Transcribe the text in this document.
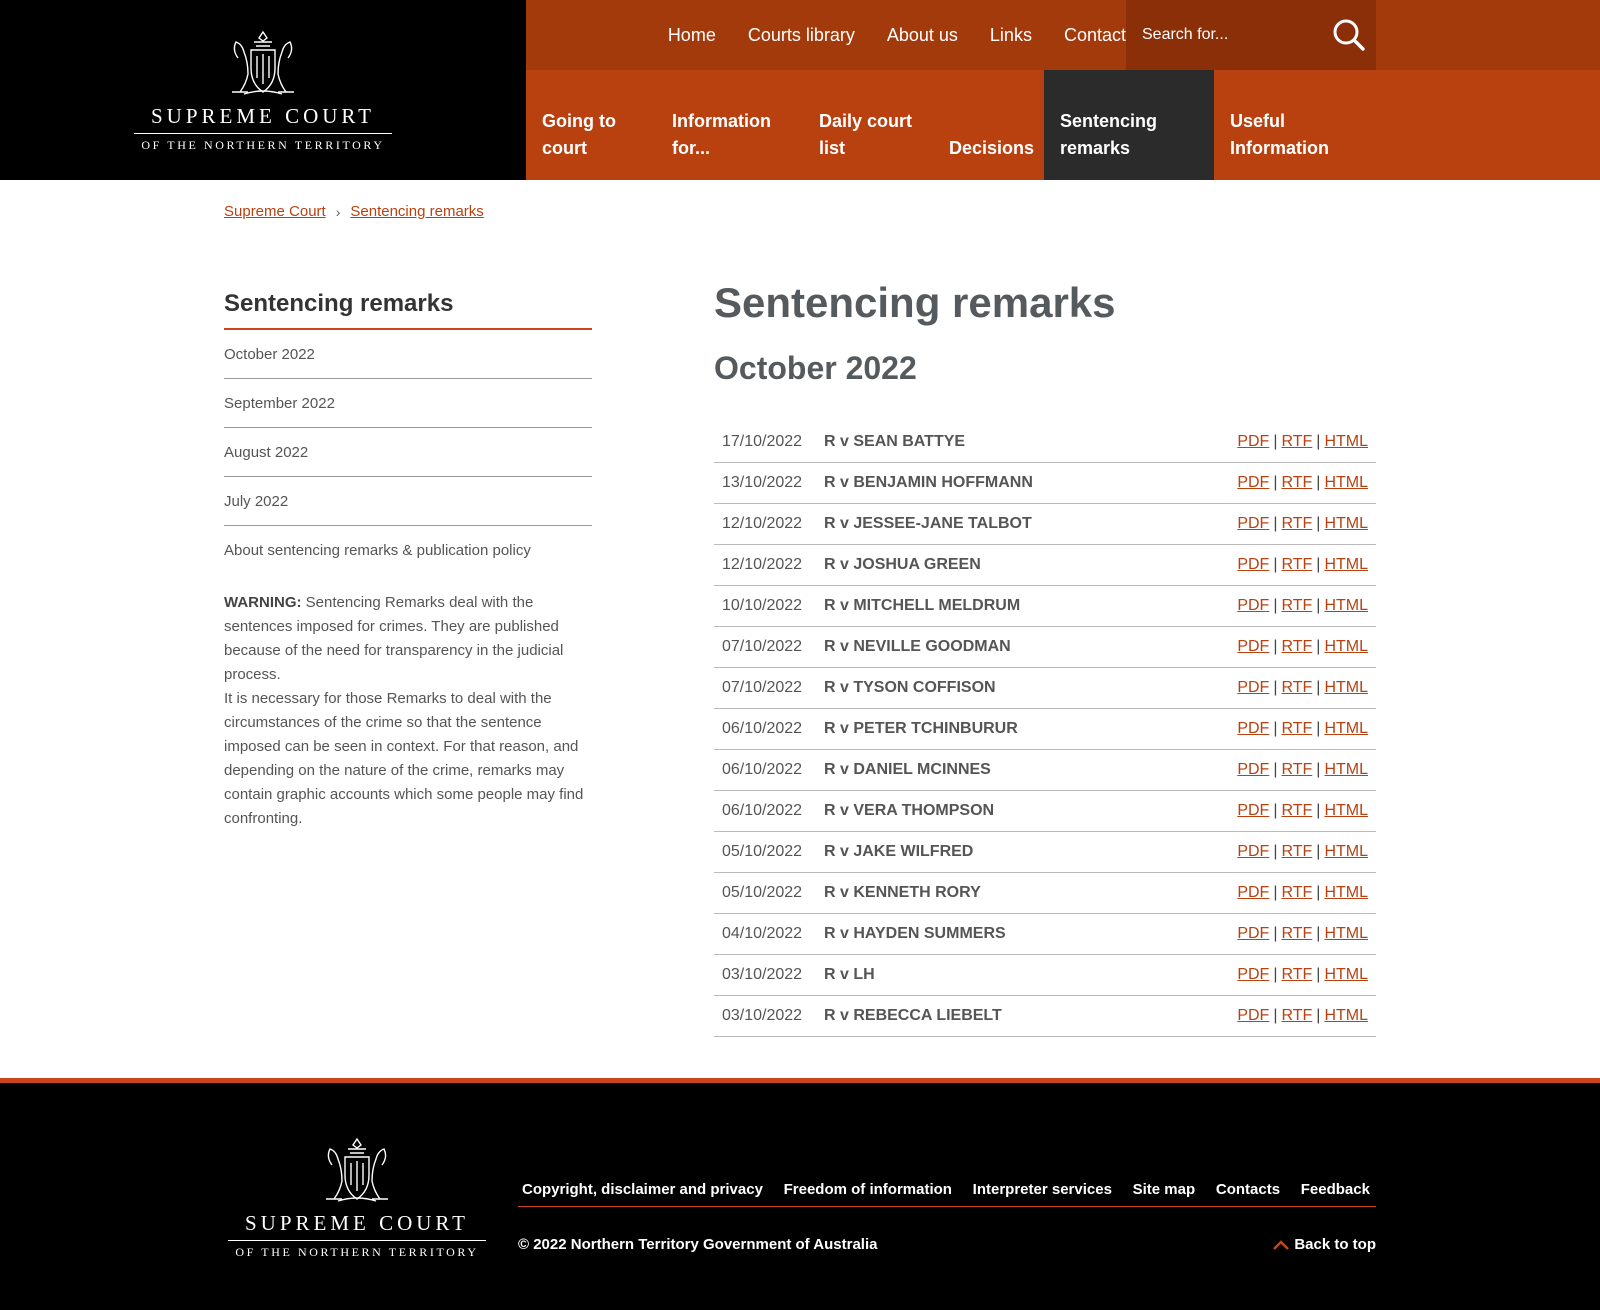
SUPREME COURT
OF THE NORTHERN TERRITORY
Home Courts library About us Links Contact
Search for...
Going to
court
Information
for...
Daily court
list	Decisions
Sentencing
remarks
Useful
Information
Supreme Court › Sentencing remarks
Sentencing remarks
October 2022
September 2022
August 2022
July 2022
About sentencing remarks & publication policy

WARNING: Sentencing Remarks deal with the sentences imposed for crimes. They are published because of the need for transparency in the judicial process.

It is necessary for those Remarks to deal with the circumstances of the crime so that the sentence imposed can be seen in context. For that reason, and depending on the nature of the crime, remarks may contain graphic accounts which some people may find confronting.

Sentencing remarks
October 2022
17/10/2022	R v SEAN BATTYE	PDF | RTF | HTML
13/10/2022	R v BENJAMIN HOFFMANN	PDF | RTF | HTML
12/10/2022	R v JESSEE-JANE TALBOT	PDF | RTF | HTML
12/10/2022	R v JOSHUA GREEN	PDF | RTF | HTML
10/10/2022	R v MITCHELL MELDRUM	PDF | RTF | HTML
07/10/2022	R v NEVILLE GOODMAN	PDF | RTF | HTML
07/10/2022	R v TYSON COFFISON	PDF | RTF | HTML
06/10/2022	R v PETER TCHINBURUR	PDF | RTF | HTML
06/10/2022	R v DANIEL MCINNES	PDF | RTF | HTML
06/10/2022	R v VERA THOMPSON	PDF | RTF | HTML
05/10/2022	R v JAKE WILFRED	PDF | RTF | HTML
05/10/2022	R v KENNETH RORY	PDF | RTF | HTML
04/10/2022	R v HAYDEN SUMMERS	PDF | RTF | HTML
03/10/2022	R v LH	PDF | RTF | HTML
03/10/2022	R v REBECCA LIEBELT	PDF | RTF | HTML
SUPREME COURT
OF THE NORTHERN TERRITORY
Copyright, disclaimer and privacy Freedom of information Interpreter services Site map Contacts Feedback
© 2022 Northern Territory Government of Australia	Back to top
